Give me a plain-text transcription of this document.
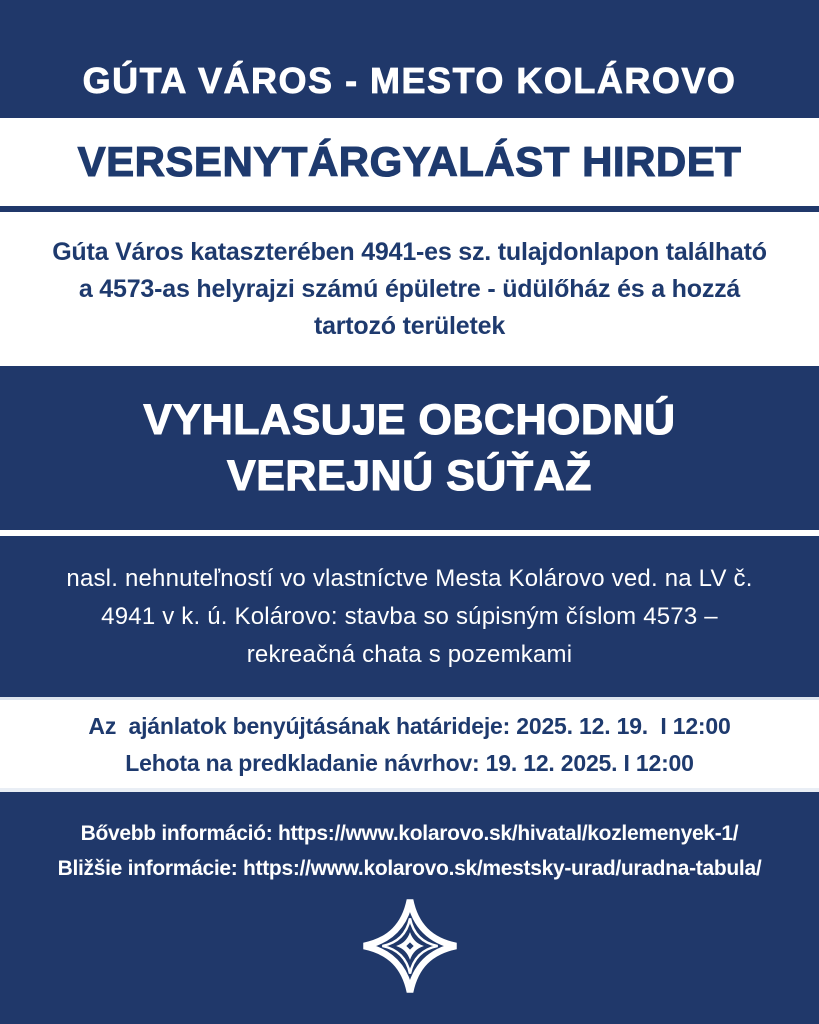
GÚTA VÁROS - MESTO KOLÁROVO
VERSENYTÁRGYALÁST HIRDET
Gúta Város kataszterében 4941-es sz. tulajdonlapon található
a 4573-as helyrajzi számú épületre - üdülőház és a hozzá
tartozó területek
VYHLASUJE OBCHODNÚ
VEREJNÚ SÚŤAŽ
nasl. nehnuteľností vo vlastníctve Mesta Kolárovo ved. na LV č.
4941 v k. ú. Kolárovo: stavba so súpisným číslom 4573 –
rekreačná chata s pozemkami
Az  ajánlatok benyújtásának határideje: 2025. 12. 19.  I 12:00
Lehota na predkladanie návrhov: 19. 12. 2025. I 12:00
Bővebb információ: https://www.kolarovo.sk/hivatal/kozlemenyek-1/
Bližšie informácie: https://www.kolarovo.sk/mestsky-urad/uradna-tabula/
